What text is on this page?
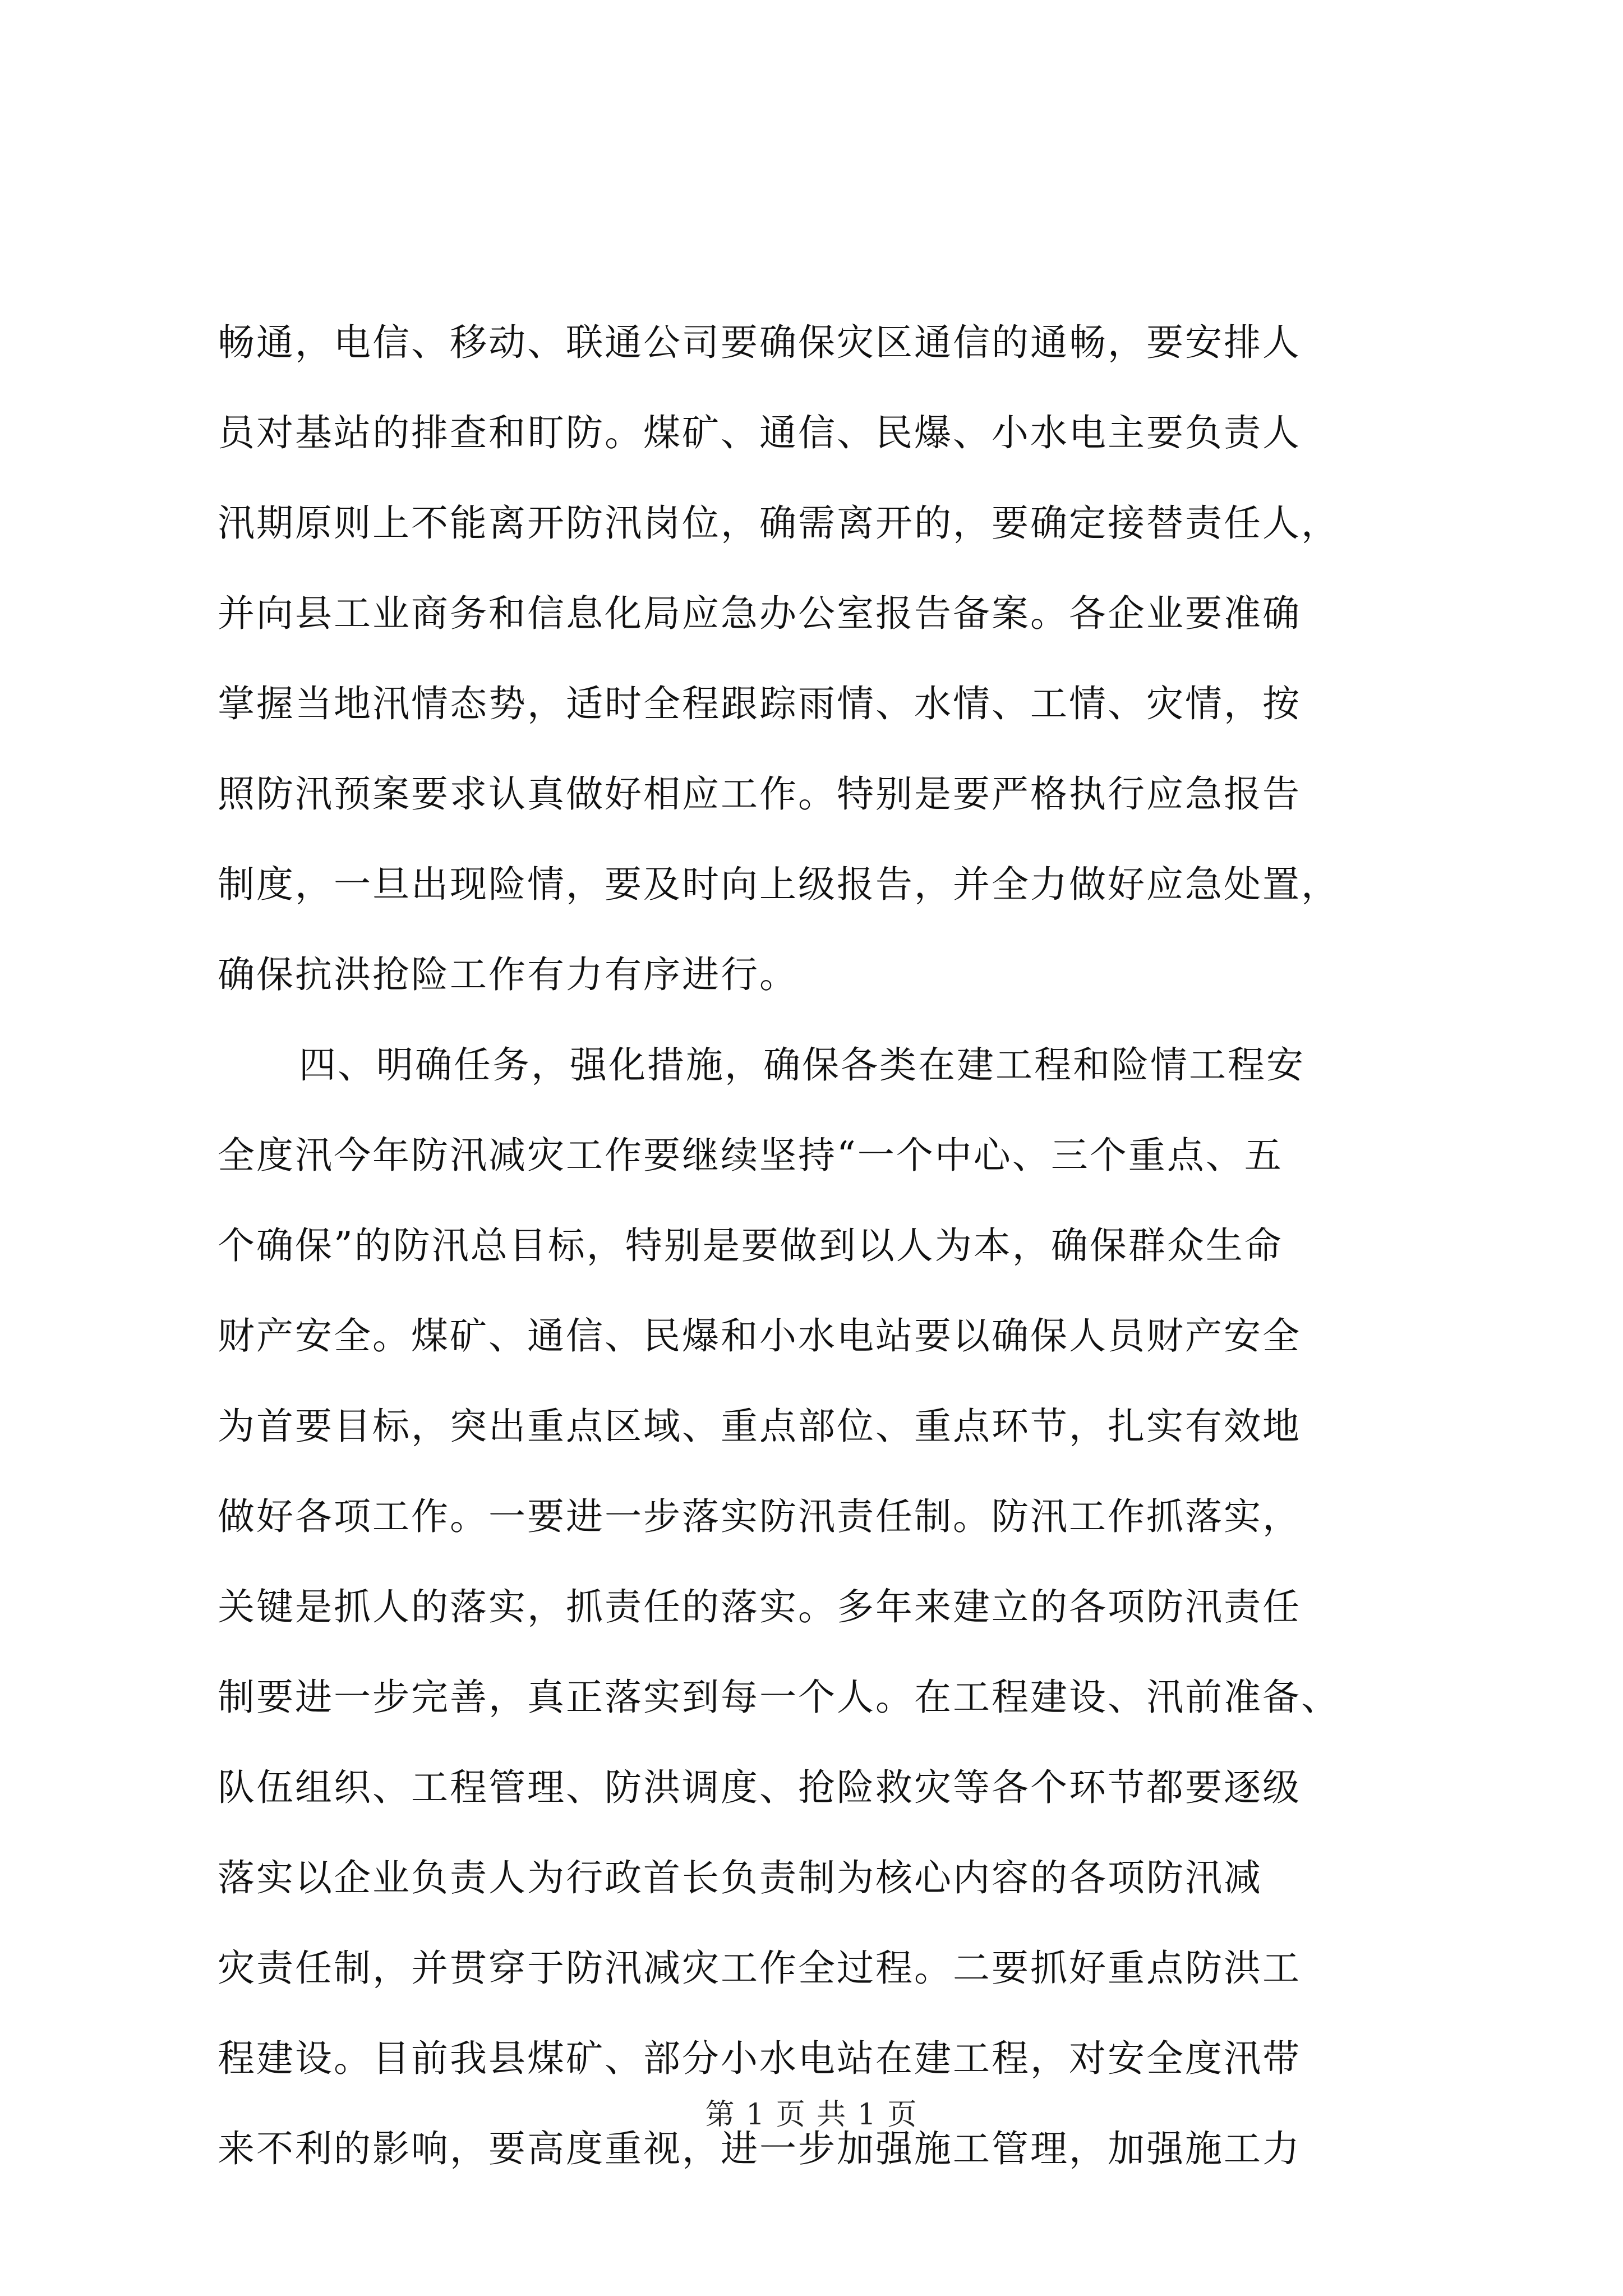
畅通，电信、移动、联通公司要确保灾区通信的通畅，要安排人
员对基站的排查和盯防。煤矿、通信、民爆、小水电主要负责人
汛期原则上不能离开防汛岗位，确需离开的，要确定接替责任人，
并向县工业商务和信息化局应急办公室报告备案。各企业要准确
掌握当地汛情态势，适时全程跟踪雨情、水情、工情、灾情，按
照防汛预案要求认真做好相应工作。特别是要严格执行应急报告
制度，一旦出现险情，要及时向上级报告，并全力做好应急处置，
确保抗洪抢险工作有力有序进行。
四、明确任务，强化措施，确保各类在建工程和险情工程安
全度汛今年防汛减灾工作要继续坚持“一个中心、三个重点、五
个确保”的防汛总目标，特别是要做到以人为本，确保群众生命
财产安全。煤矿、通信、民爆和小水电站要以确保人员财产安全
为首要目标，突出重点区域、重点部位、重点环节，扎实有效地
做好各项工作。一要进一步落实防汛责任制。防汛工作抓落实，
关键是抓人的落实，抓责任的落实。多年来建立的各项防汛责任
制要进一步完善，真正落实到每一个人。在工程建设、汛前准备、
队伍组织、工程管理、防洪调度、抢险救灾等各个环节都要逐级
落实以企业负责人为行政首长负责制为核心内容的各项防汛减
灾责任制，并贯穿于防汛减灾工作全过程。二要抓好重点防洪工
程建设。目前我县煤矿、部分小水电站在建工程，对安全度汛带
来不利的影响，要高度重视，进一步加强施工管理，加强施工力
第 1 页 共 1 页
